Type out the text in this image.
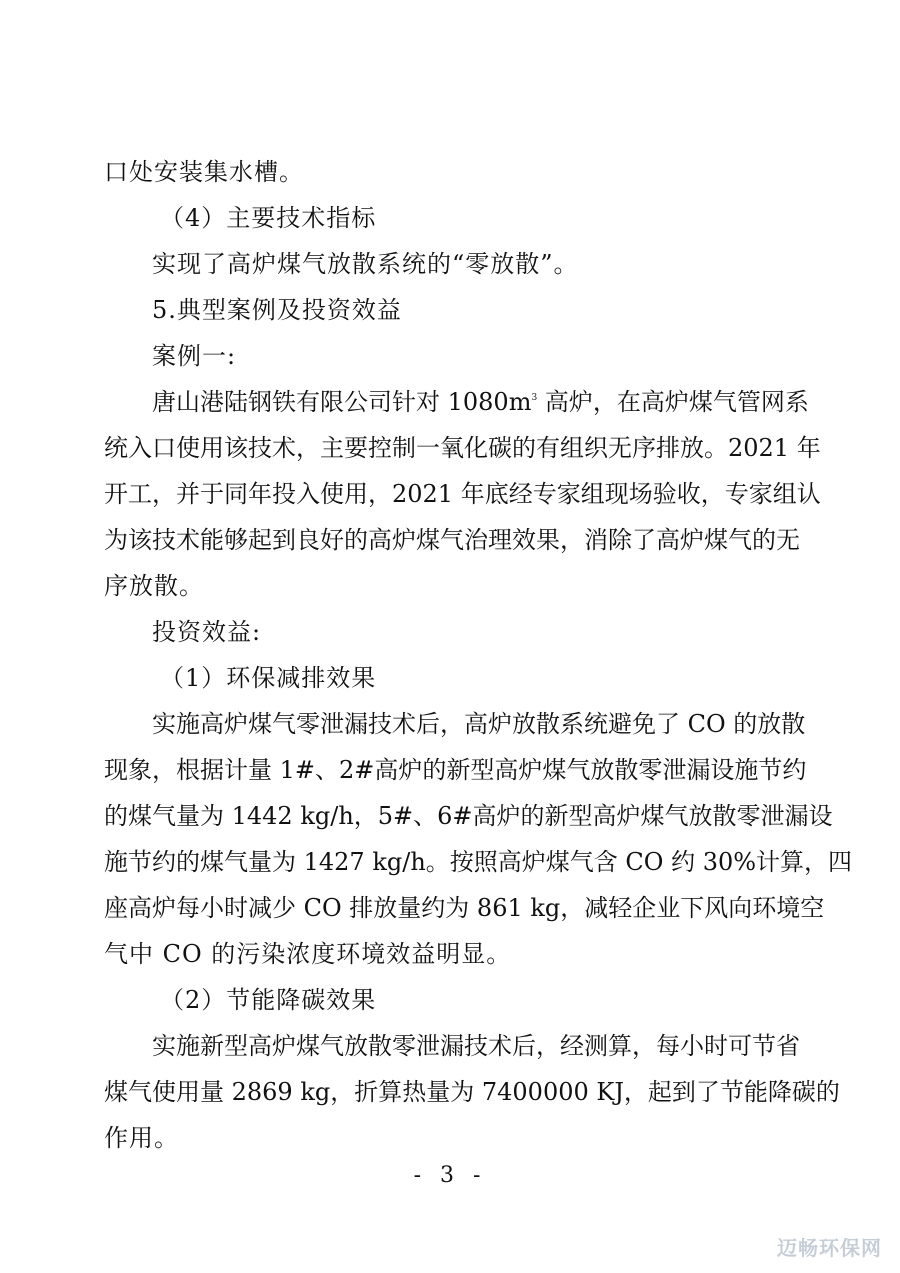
口处安装集水槽。
（4）主要技术指标
实现了高炉煤气放散系统的“零放散”。
5.典型案例及投资效益
案例一:
唐山港陆钢铁有限公司针对 $1080m^3$ 高炉，在高炉煤气管网系
统入口使用该技术，主要控制一氧化碳的有组织无序排放。2021 年
开工，并于同年投入使用，2021 年底经专家组现场验收，专家组认
为该技术能够起到良好的高炉煤气治理效果，消除了高炉煤气的无
序放散。
投资效益:
（1）环保减排效果
实施高炉煤气零泄漏技术后，高炉放散系统避免了 CO 的放散
现象，根据计量 1#、2#高炉的新型高炉煤气放散零泄漏设施节约
的煤气量为 1442 kg/h，5#、6#高炉的新型高炉煤气放散零泄漏设
施节约的煤气量为 1427 kg/h。按照高炉煤气含 CO 约 30%计算，四
座高炉每小时减少 CO 排放量约为 861 kg，减轻企业下风向环境空
气中 CO 的污染浓度环境效益明显。
（2）节能降碳效果
实施新型高炉煤气放散零泄漏技术后，经测算，每小时可节省
煤气使用量 2869 kg，折算热量为 7400000 KJ，起到了节能降碳的
作用。
- 3 -
迈畅环保网
